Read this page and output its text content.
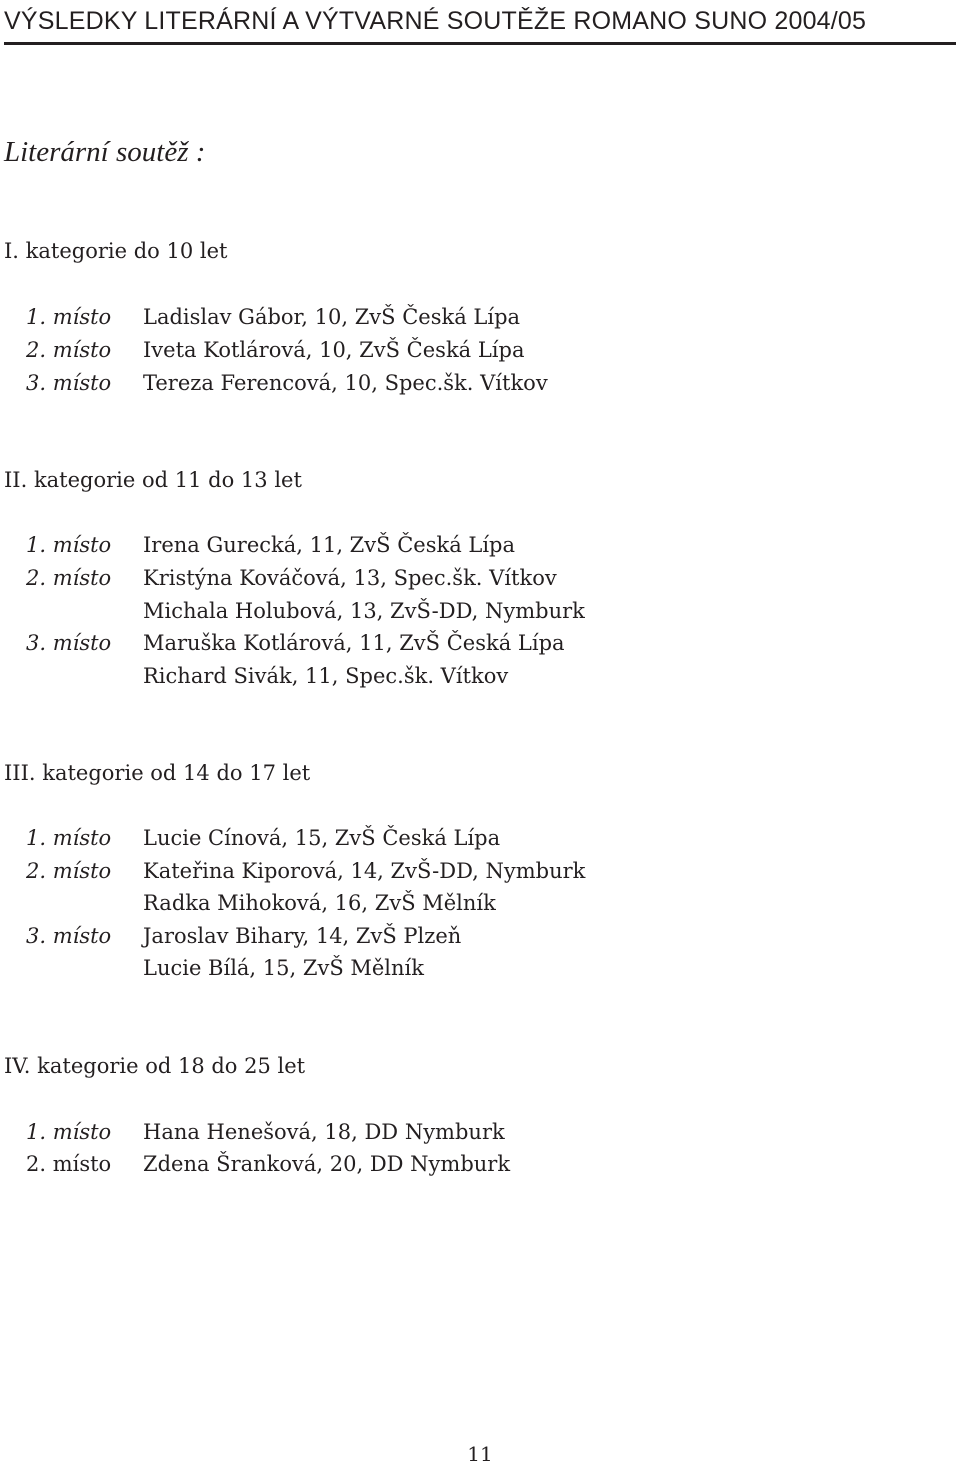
VÝSLEDKY LITERÁRNÍ A VÝTVARNÉ SOUTĚŽE ROMANO SUNO 2004/05
Literární soutěž :
I. kategorie do 10 let
1. místo Ladislav Gábor, 10, ZvŠ Česká Lípa
2. místo Iveta Kotlárová, 10, ZvŠ Česká Lípa
3. místo Tereza Ferencová, 10, Spec.šk. Vítkov
II. kategorie od 11 do 13 let
1. místo Irena Gurecká, 11, ZvŠ Česká Lípa
2. místo Kristýna Kováčová, 13, Spec.šk. Vítkov
Michala Holubová, 13, ZvŠ-DD, Nymburk
3. místo Maruška Kotlárová, 11, ZvŠ Česká Lípa
Richard Sivák, 11, Spec.šk. Vítkov
III. kategorie od 14 do 17 let
1. místo Lucie Cínová, 15, ZvŠ Česká Lípa
2. místo Kateřina Kiporová, 14, ZvŠ-DD, Nymburk
Radka Mihoková, 16, ZvŠ Mělník
3. místo Jaroslav Bihary, 14, ZvŠ Plzeň
Lucie Bílá, 15, ZvŠ Mělník
IV. kategorie od 18 do 25 let
1. místo Hana Henešová, 18, DD Nymburk
2. místo Zdena Šranková, 20, DD Nymburk
11
